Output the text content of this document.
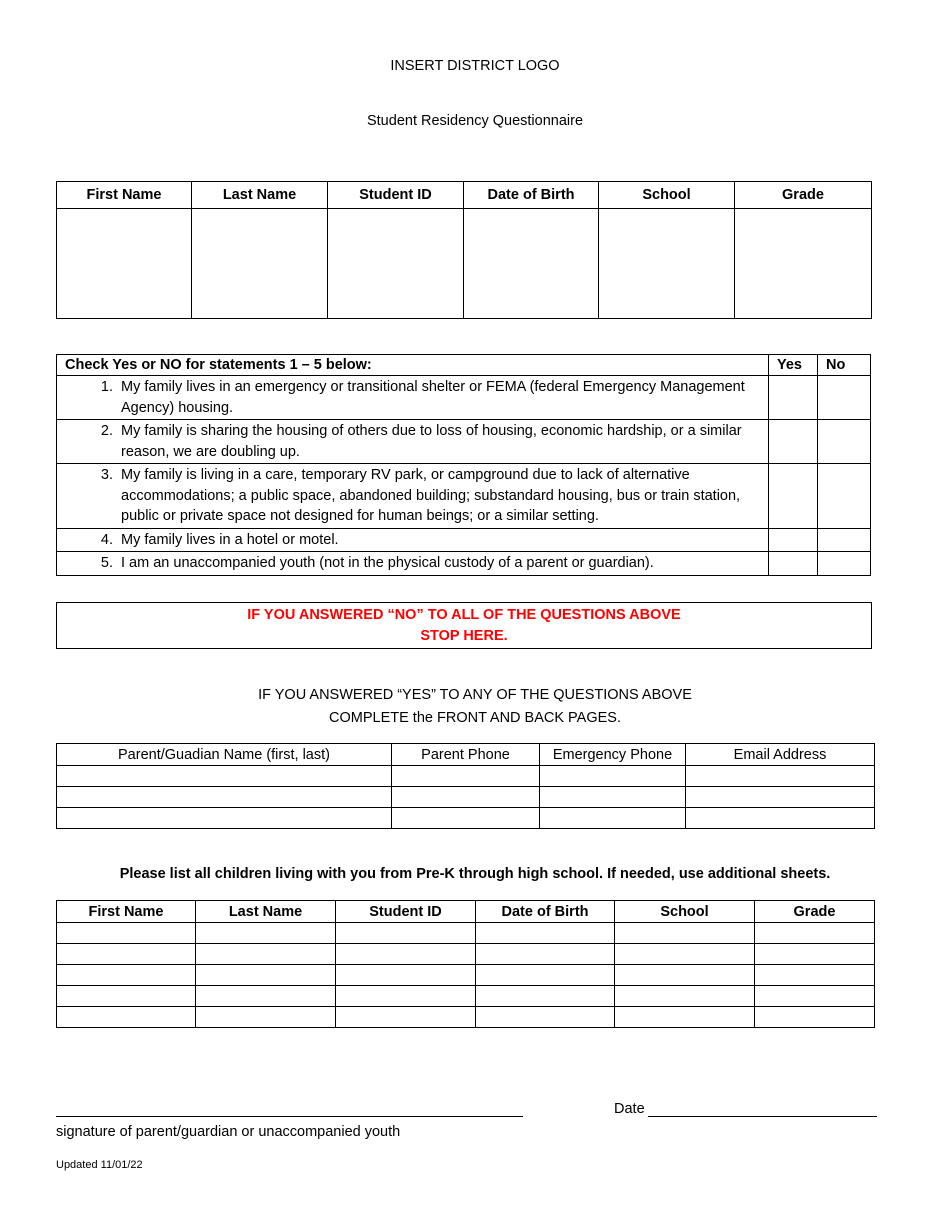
INSERT DISTRICT LOGO
Student Residency Questionnaire
First Name	Last Name	Student ID	Date of Birth	School	Grade

Check Yes or NO for statements 1 – 5 below:	Yes	No

1. My family lives in an emergency or transitional shelter or FEMA (federal Emergency Management Agency) housing.		

2. My family is sharing the housing of others due to loss of housing, economic hardship, or a similar reason, we are doubling up.		

3. My family is living in a care, temporary RV park, or campground due to lack of alternative accommodations; a public space, abandoned building; substandard housing, bus or train station, public or private space not designed for human beings; or a similar setting.		

4. My family lives in a hotel or motel.		

5. I am an unaccompanied youth (not in the physical custody of a parent or guardian).		

IF YOU ANSWERED “NO” TO ALL OF THE QUESTIONS ABOVE
STOP HERE.
IF YOU ANSWERED “YES” TO ANY OF THE QUESTIONS ABOVE
COMPLETE the FRONT AND BACK PAGES.
Parent/Guadian Name (first, last)	Parent Phone	Emergency Phone	Email Address

Please list all children living with you from Pre-K through high school. If needed, use additional sheets.
First Name	Last Name	Student ID	Date of Birth	School	Grade

Date
signature of parent/guardian or unaccompanied youth
Updated 11/01/22
